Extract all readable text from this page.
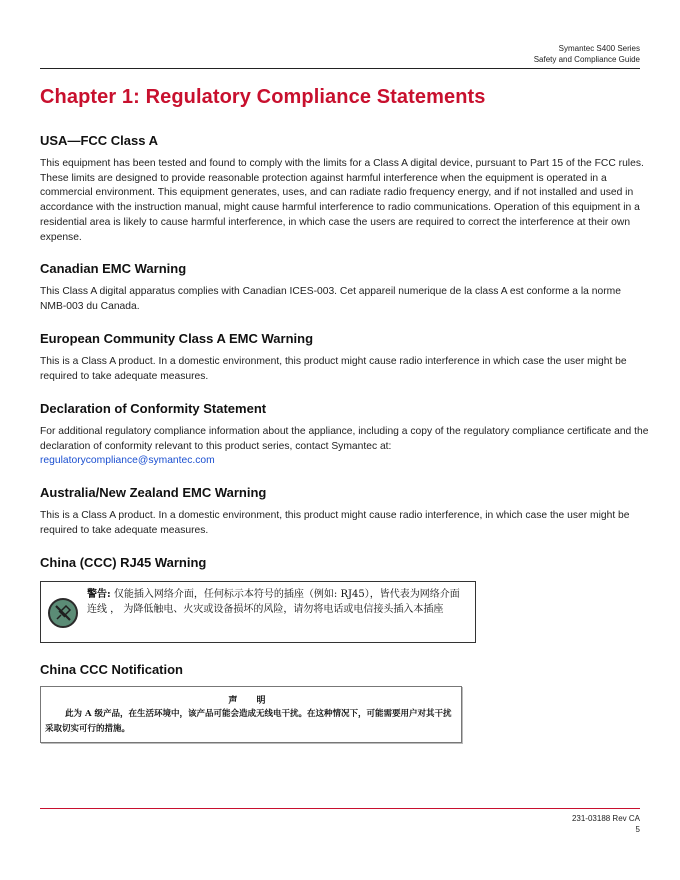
Symantec S400 Series
Safety and Compliance Guide
Chapter 1: Regulatory Compliance Statements
USA—FCC Class A

This equipment has been tested and found to comply with the limits for a Class A digital device, pursuant to Part 15 of the FCC rules. These limits are designed to provide reasonable protection against harmful interference when the equipment is operated in a commercial environment. This equipment generates, uses, and can radiate radio frequency energy, and if not installed and used in accordance with the instruction manual, might cause harmful interference to radio communications. Operation of this equipment in a residential area is likely to cause harmful interference, in which case the users are required to correct the interference at their own expense.

Canadian EMC Warning

This Class A digital apparatus complies with Canadian ICES-003. Cet appareil numerique de la class A est conforme a la norme NMB-003 du Canada.

European Community Class A EMC Warning

This is a Class A product. In a domestic environment, this product might cause radio interference in which case the user might be required to take adequate measures.

Declaration of Conformity Statement

For additional regulatory compliance information about the appliance, including a copy of the regulatory compliance certificate and the declaration of conformity relevant to this product series, contact Symantec at:
regulatorycompliance@symantec.com

Australia/New Zealand EMC Warning

This is a Class A product. In a domestic environment, this product might cause radio interference, in which case the user might be required to take adequate measures.

China (CCC) RJ45 Warning
警告: 仅能插入网络介面，任何标示本符号的插座（例如: RJ45），皆代表为网络介面连线 ， 为降低触电、火灾或设备损坏的风险，请勿将电话或电信接头插入本插座
China CCC Notification
声 明
此为 A 级产品，在生活环境中，该产品可能会造成无线电干扰。在这种情况下，可能需要用户对其干扰采取切实可行的措施。
231-03188 Rev CA
5
